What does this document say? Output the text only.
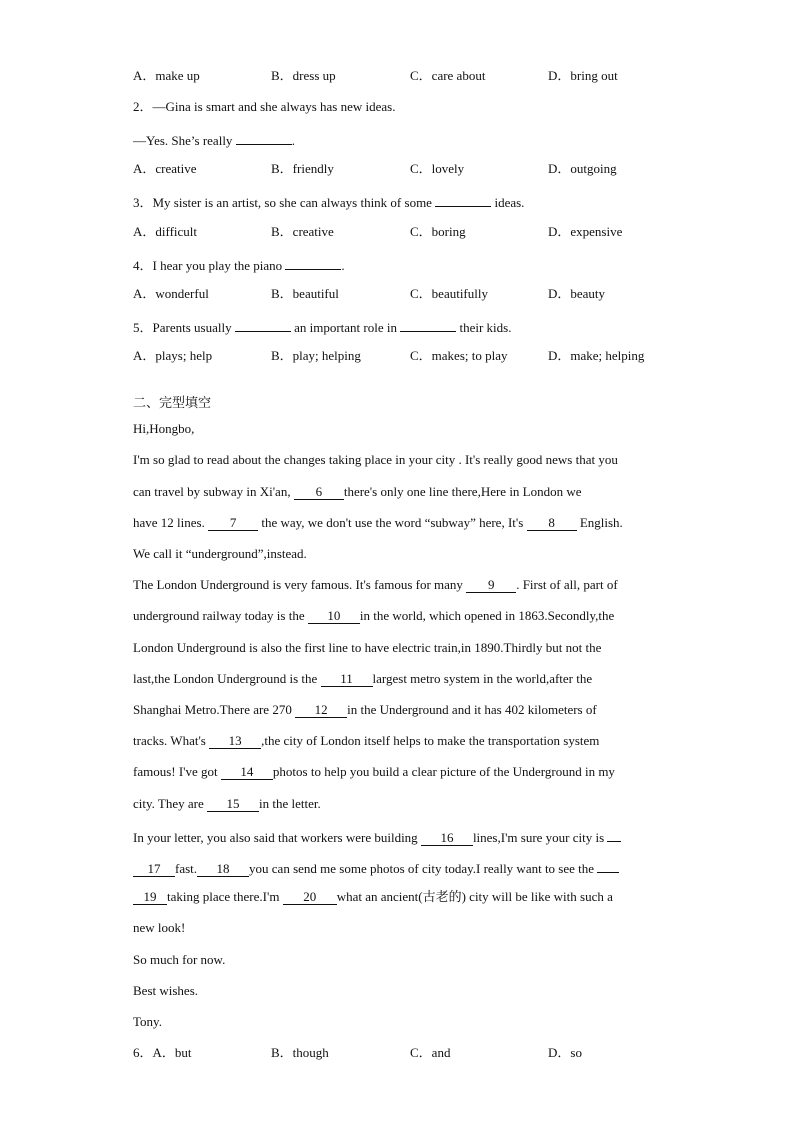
A．make up	B．dress up	C．care about	D．bring out
2．—Gina is smart and she always has new ideas.
—Yes. She’s really	.
A．creative	B．friendly	C．lovely	D．outgoing
3．My sister is an artist, so she can always think of some	ideas.
A．difficult	B．creative	C．boring	D．expensive
4．I hear you play the piano	.
A．wonderful	B．beautiful	C．beautifully	D．beauty
5．Parents usually	an important role in	their kids.
A．plays; help	B．play; helping	C．makes; to play	D．make; helping
二、完型填空
Hi,Hongbo,
I'm so glad to read about the changes taking place in your city . It's really good news that you
can travel by subway in Xi'an, 6 there's only one line there,Here in London we
have 12 lines. 7 the way, we don't use the word “subway” here, It's 8 English.
We call it “underground”,instead.
The London Underground is very famous. It's famous for many 9 . First of all, part of
underground railway today is the 10 in the world, which opened in 1863.Secondly,the
London Underground is also the first line to have electric train,in 1890.Thirdly but not the
last,the London Underground is the 11 largest metro system in the world,after the
Shanghai Metro.There are 270 12 in the Underground and it has 402 kilometers of
tracks. What's 13 ,the city of London itself helps to make the transportation system
famous! I've got 14 photos to help you build a clear picture of the Underground in my
city. They are 15 in the letter.
In your letter, you also said that workers were building 16 lines,I'm sure your city is
17 fast. 18 you can send me some photos of city today.I really want to see the
19 taking place there.I'm 20 what an ancient(古老的) city will be like with such a
new look!
So much for now.
Best wishes.
Tony.
6．A．but	B．though	C．and	D．so
